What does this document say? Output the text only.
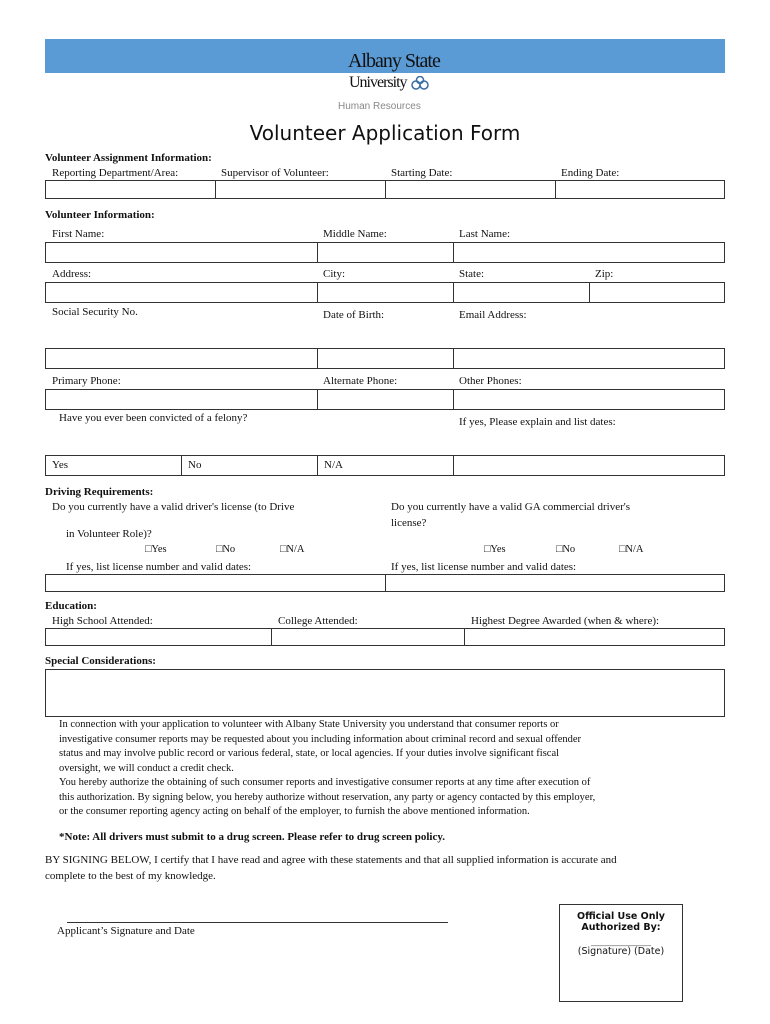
Albany State
University
Human Resources
Volunteer Application Form
Volunteer Assignment Information:
Reporting Department/Area:	Supervisor of Volunteer:	Starting Date:	Ending Date:
Volunteer Information:
First Name:	Middle Name:	Last Name:
Address:	City:	State:	Zip:
Social Security No.	Date of Birth:	Email Address:
Primary Phone:	Alternate Phone:	Other Phones:
Have you ever been convicted of a felony?	If yes, Please explain and list dates:
Yes	No	N/A
Driving Requirements:
Do you currently have a valid driver's license (to Drive
in Volunteer Role)?
Do you currently have a valid GA commercial driver's
license?
□Yes	□No	□N/A	□Yes	□No	□N/A
If yes, list license number and valid dates:	If yes, list license number and valid dates:
Education:
High School Attended:	College Attended:	Highest Degree Awarded (when & where):
Special Considerations:
In connection with your application to volunteer with Albany State University you understand that consumer reports or
investigative consumer reports may be requested about you including information about criminal record and sexual offender
status and may involve public record or various federal, state, or local agencies. If your duties involve significant fiscal
oversight, we will conduct a credit check.
You hereby authorize the obtaining of such consumer reports and investigative consumer reports at any time after execution of
this authorization. By signing below, you hereby authorize without reservation, any party or agency contacted by this employer,
or the consumer reporting agency acting on behalf of the employer, to furnish the above mentioned information.
*Note: All drivers must submit to a drug screen. Please refer to drug screen policy.
BY SIGNING BELOW, I certify that I have read and agree with these statements and that all supplied information is accurate and
complete to the best of my knowledge.
Applicant’s Signature and Date
Official Use Only
Authorized By:
_______________
(Signature) (Date)
